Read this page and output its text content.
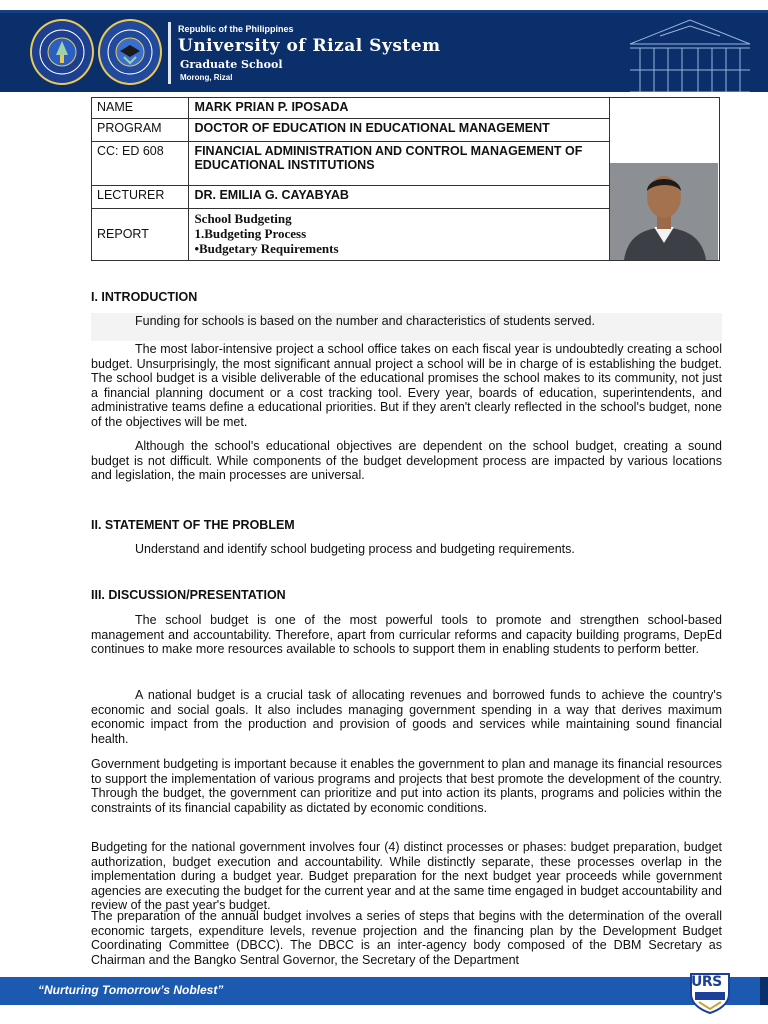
Republic of the Philippines
University of Rizal System
Graduate School
Morong, Rizal
NAME	MARK PRIAN P. IPOSADA	

PROGRAM	DOCTOR OF EDUCATION IN EDUCATIONAL MANAGEMENT	
CC: ED 608	FINANCIAL ADMINISTRATION AND CONTROL MANAGEMENT OF EDUCATIONAL INSTITUTIONS	
LECTURER	DR. EMILIA G. CAYABYAB	
REPORT	School Budgeting
1.Budgeting Process
•Budgetary Requirements	
I. INTRODUCTION
Funding for schools is based on the number and characteristics of students served.
The most labor-intensive project a school office takes on each fiscal year is undoubtedly creating a school budget. Unsurprisingly, the most significant annual project a school will be in charge of is establishing the budget. The school budget is a visible deliverable of the educational promises the school makes to its community, not just a financial planning document or a cost tracking tool. Every year, boards of education, superintendents, and administrative teams define a educational priorities. But if they aren't clearly reflected in the school's budget, none of the objectives will be met.
Although the school's educational objectives are dependent on the school budget, creating a sound budget is not difficult. While components of the budget development process are impacted by various locations and legislation, the main processes are universal.
II. STATEMENT OF THE PROBLEM
Understand and identify school budgeting process and budgeting requirements.
III. DISCUSSION/PRESENTATION
The school budget is one of the most powerful tools to promote and strengthen school-based management and accountability. Therefore, apart from curricular reforms and capacity building programs, DepEd continues to make more resources available to schools to support them in enabling students to perform better.
A national budget is a crucial task of allocating revenues and borrowed funds to achieve the country's economic and social goals. It also includes managing government spending in a way that derives maximum economic impact from the production and provision of goods and services while maintaining sound financial health.
Government budgeting is important because it enables the government to plan and manage its financial resources to support the implementation of various programs and projects that best promote the development of the country. Through the budget, the government can prioritize and put into action its plants, programs and policies within the constraints of its financial capability as dictated by economic conditions.
Budgeting for the national government involves four (4) distinct processes or phases: budget preparation, budget authorization, budget execution and accountability. While distinctly separate, these processes overlap in the implementation during a budget year. Budget preparation for the next budget year proceeds while government agencies are executing the budget for the current year and at the same time engaged in budget accountability and review of the past year's budget.
The preparation of the annual budget involves a series of steps that begins with the determination of the overall economic targets, expenditure levels, revenue projection and the financing plan by the Development Budget Coordinating Committee (DBCC). The DBCC is an inter-agency body composed of the DBM Secretary as Chairman and the Bangko Sentral Governor, the Secretary of the Department
“Nurturing Tomorrow’s Noblest”	URS
